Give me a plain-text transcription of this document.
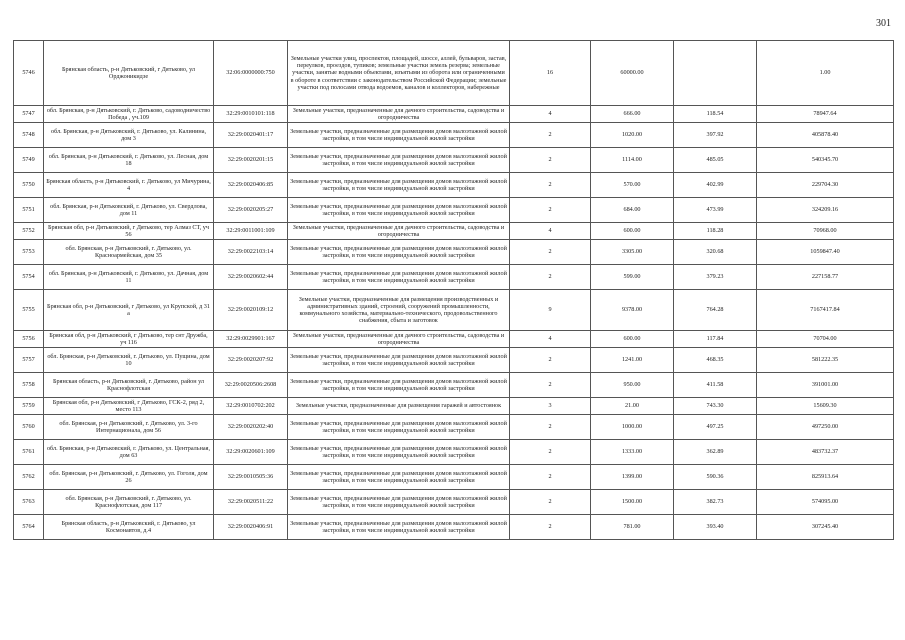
301
5746	Брянская область, р-н Дятьковский, г Дятьково, ул Орджоникидзе	32:06:0000000:750	Земельные участки улиц, проспектов, площадей, шоссе, аллей, бульваров, застав, переулков, проездов, тупиков; земельные участки земель резерва; земельные участки, занятые водными объектами, изъятыми из оборота или ограниченными в обороте в соответствии с законодательством Российской Федерации; земельные участки под полосами отвода водоемов, каналов и коллекторов, набережные	16	60000.00		1.00
5747	обл. Брянская, р-н Дятьковский, г. Дятьково, садоводничество Победа , уч.109	32:29:0010101:118	Земельные участки, предназначенные для дачного строительства, садоводства и огородничества	4	666.00	118.54	78947.64
5748	обл. Брянская, р-н Дятьковский, г. Дятьково, ул. Калинина, дом 3	32:29:0020401:17	Земельные участки, предназначенные для размещения домов малоэтажной жилой застройки, в том числе индивидуальной жилой застройки	2	1020.00	397.92	405878.40
5749	обл. Брянская, р-н Дятьковский, г. Дятьково, ул. Лесная, дом 18	32:29:0020201:15	Земельные участки, предназначенные для размещения домов малоэтажной жилой застройки, в том числе индивидуальной жилой застройки	2	1114.00	485.05	540345.70
5750	Брянская область, р-н Дятьковский, г. Дятьково, ул Мичурина, 4	32:29:0020406:85	Земельные участки, предназначенные для размещения домов малоэтажной жилой застройки, в том числе индивидуальной жилой застройки	2	570.00	402.99	229704.30
5751	обл. Брянская, р-н Дятьковский, г. Дятьково, ул. Свердлова, дом 11	32:29:0020205:27	Земельные участки, предназначенные для размещения домов малоэтажной жилой застройки, в том числе индивидуальной жилой застройки	2	684.00	473.99	324209.16
5752	Брянская обл, р-н Дятьковский, г Дятьково, тер Алмаз СТ, уч 56	32:29:0011001:109	Земельные участки, предназначенные для дачного строительства, садоводства и огородничества	4	600.00	118.28	70968.00
5753	обл. Брянская, р-н Дятьковский, г. Дятьково, ул. Красноармейская, дом 35	32:29:0022103:14	Земельные участки, предназначенные для размещения домов малоэтажной жилой застройки, в том числе индивидуальной жилой застройки	2	3305.00	320.68	1059847.40
5754	обл. Брянская, р-н Дятьковский, г. Дятьково, ул. Дачная, дом 11	32:29:0020602:44	Земельные участки, предназначенные для размещения домов малоэтажной жилой застройки, в том числе индивидуальной жилой застройки	2	599.00	379.23	227158.77
5755	Брянская обл, р-н Дятьковский, г Дятьково, ул Крупской, д 31 а	32:29:0020109:12	Земельные участки, предназначенные для размещения производственных и административных зданий, строений, сооружений промышленности, коммунального хозяйства, материально-технического, продовольственного снабжения, сбыта и заготовок	9	9378.00	764.28	7167417.84
5756	Брянская обл, р-н Дятьковский, г Дятьково, тер снт Дружба, уч 116	32:29:0029901:167	Земельные участки, предназначенные для дачного строительства, садоводства и огородничества	4	600.00	117.84	70704.00
5757	обл. Брянская, р-н Дятьковский, г. Дятьково, ул. Пущина, дом 10	32:29:0020207:92	Земельные участки, предназначенные для размещения домов малоэтажной жилой застройки, в том числе индивидуальной жилой застройки	2	1241.00	468.35	581222.35
5758	Брянская область, р-н Дятьковский, г. Дятьково, район ул Краснофлотская	32:29:0020506:2608	Земельные участки, предназначенные для размещения домов малоэтажной жилой застройки, в том числе индивидуальной жилой застройки	2	950.00	411.58	391001.00
5759	Брянская обл, р-н Дятьковский, г Дятьково, ГСК-2, ряд 2, место 113	32:29:0010702:202	Земельные участки, предназначенные для размещения гаражей и автостоянок	3	21.00	743.30	15609.30
5760	обл. Брянская, р-н Дятьковский, г. Дятьково, ул. 3-го Интернационала, дом 56	32:29:0020202:40	Земельные участки, предназначенные для размещения домов малоэтажной жилой застройки, в том числе индивидуальной жилой застройки	2	1000.00	497.25	497250.00
5761	обл. Брянская, р-н Дятьковский, г. Дятьково, ул. Центральная, дом 63	32:29:0020601:109	Земельные участки, предназначенные для размещения домов малоэтажной жилой застройки, в том числе индивидуальной жилой застройки	2	1333.00	362.89	483732.37
5762	обл. Брянская, р-н Дятьковский, г. Дятьково, ул. Гоголя, дом 26	32:29:0010505:36	Земельные участки, предназначенные для размещения домов малоэтажной жилой застройки, в том числе индивидуальной жилой застройки	2	1399.00	590.36	825913.64
5763	обл. Брянская, р-н Дятьковский, г. Дятьково, ул. Краснофлотская, дом 117	32:29:0020511:22	Земельные участки, предназначенные для размещения домов малоэтажной жилой застройки, в том числе индивидуальной жилой застройки	2	1500.00	382.73	574095.00
5764	Брянская область, р-н Дятьковский, г. Дятьково, ул Космонавтов, д.4	32:29:0020406:91	Земельные участки, предназначенные для размещения домов малоэтажной жилой застройки, в том числе индивидуальной жилой застройки	2	781.00	393.40	307245.40
